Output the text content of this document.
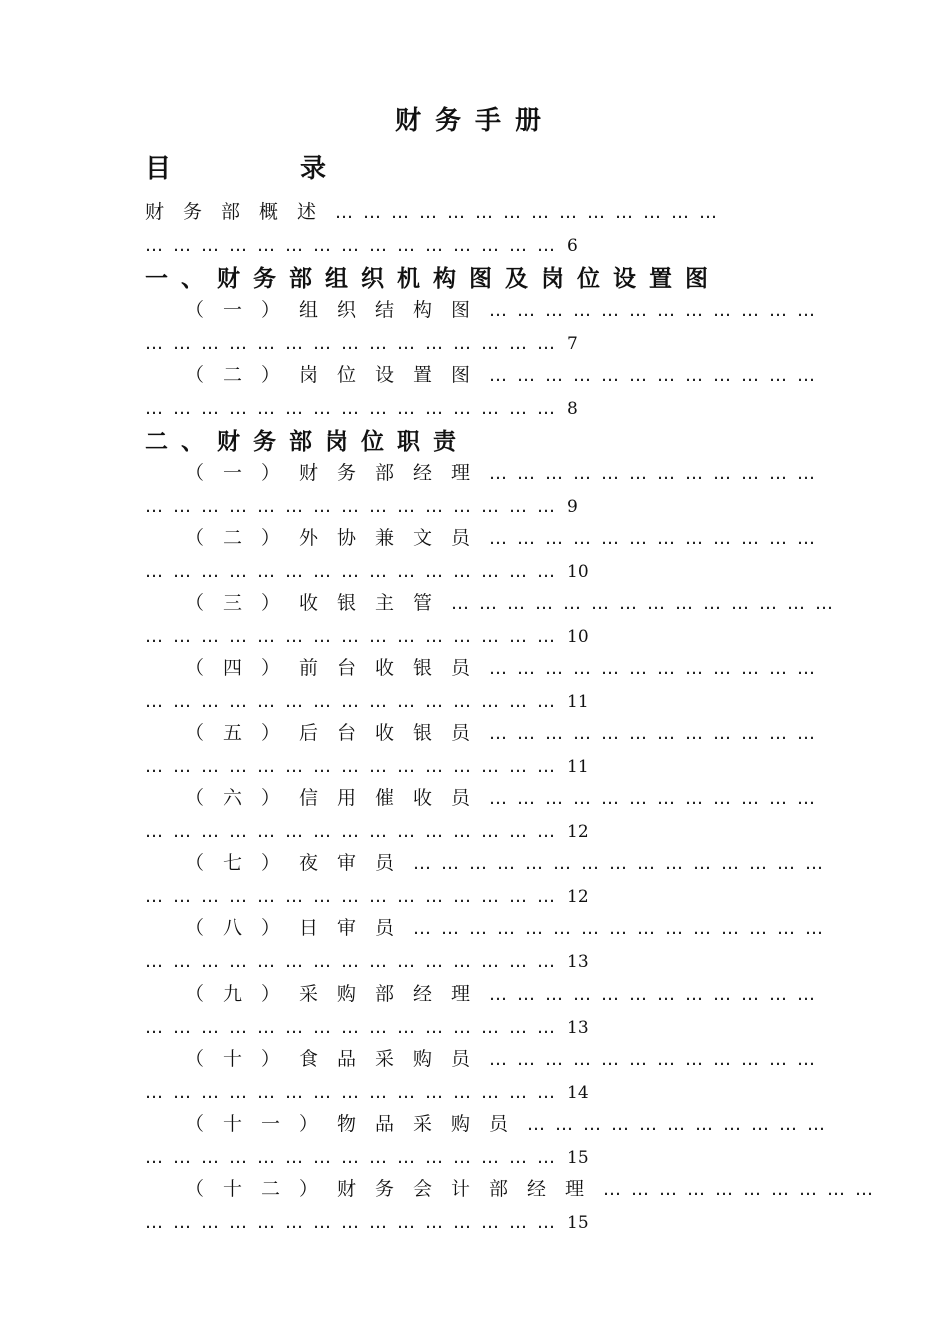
财务手册
目 录
财务部概述……………………………………
……………………………………… 6
一、财务部组织机构图及岗位设置图
（一）组织结构图………………………………
……………………………………… 7
（二）岗位设置图………………………………
……………………………………… 8
二、财务部岗位职责
（一）财务部经理………………………………
……………………………………… 9
（二）外协兼文员………………………………
……………………………………… 10
（三）收银主管……………………………………
……………………………………… 10
（四）前台收银员………………………………
……………………………………… 11
（五）后台收银员………………………………
……………………………………… 11
（六）信用催收员………………………………
……………………………………… 12
（七）夜审员………………………………………
……………………………………… 12
（八）日审员………………………………………
……………………………………… 13
（九）采购部经理………………………………
……………………………………… 13
（十）食品采购员………………………………
……………………………………… 14
（十一）物品采购员……………………………
……………………………………… 15
（十二）财务会计部经理…………………………
……………………………………… 15
